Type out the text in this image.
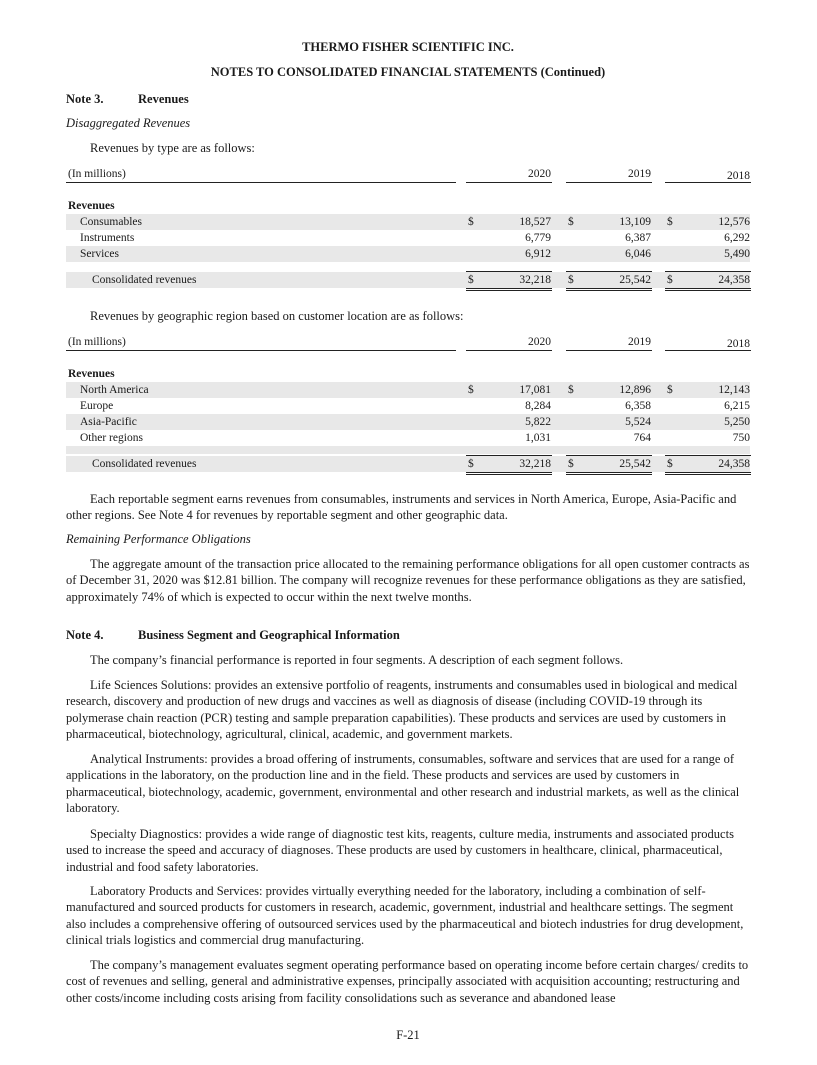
THERMO FISHER SCIENTIFIC INC.
NOTES TO CONSOLIDATED FINANCIAL STATEMENTS (Continued)
Note 3.	Revenues
Disaggregated Revenues
Revenues by type are as follows:
(In millions)	2020	2019	2018
Revenues
Consumables	$	18,527 $	13,109 $	12,576
Instruments	6,779	6,387	6,292
Services	6,912	6,046	5,490
Consolidated revenues	$	32,218 $	25,542 $	24,358
Revenues by geographic region based on customer location are as follows:
(In millions)	2020	2019	2018
Revenues
North America	$	17,081 $	12,896 $	12,143
Europe	8,284	6,358	6,215
Asia-Pacific	5,822	5,524	5,250
Other regions	1,031	764	750
Consolidated revenues	$	32,218 $	25,542 $	24,358
Each reportable segment earns revenues from consumables, instruments and services in North America, Europe, Asia-Pacific and other regions. See Note 4 for revenues by reportable segment and other geographic data.
Remaining Performance Obligations
The aggregate amount of the transaction price allocated to the remaining performance obligations for all open customer contracts as of December 31, 2020 was $12.81 billion. The company will recognize revenues for these performance obligations as they are satisfied, approximately 74% of which is expected to occur within the next twelve months.
Note 4.	Business Segment and Geographical Information
The company’s financial performance is reported in four segments. A description of each segment follows.
Life Sciences Solutions: provides an extensive portfolio of reagents, instruments and consumables used in biological and medical research, discovery and production of new drugs and vaccines as well as diagnosis of disease (including COVID-19 through its polymerase chain reaction (PCR) testing and sample preparation capabilities). These products and services are used by customers in pharmaceutical, biotechnology, agricultural, clinical, academic, and government markets.
Analytical Instruments: provides a broad offering of instruments, consumables, software and services that are used for a range of applications in the laboratory, on the production line and in the field. These products and services are used by customers in pharmaceutical, biotechnology, academic, government, environmental and other research and industrial markets, as well as the clinical laboratory.
Specialty Diagnostics: provides a wide range of diagnostic test kits, reagents, culture media, instruments and associated products used to increase the speed and accuracy of diagnoses. These products are used by customers in healthcare, clinical, pharmaceutical, industrial and food safety laboratories.
Laboratory Products and Services: provides virtually everything needed for the laboratory, including a combination of self-manufactured and sourced products for customers in research, academic, government, industrial and healthcare settings. The segment also includes a comprehensive offering of outsourced services used by the pharmaceutical and biotech industries for drug development, clinical trials logistics and commercial drug manufacturing.
The company’s management evaluates segment operating performance based on operating income before certain charges/ credits to cost of revenues and selling, general and administrative expenses, principally associated with acquisition accounting; restructuring and other costs/income including costs arising from facility consolidations such as severance and abandoned lease
F-21
